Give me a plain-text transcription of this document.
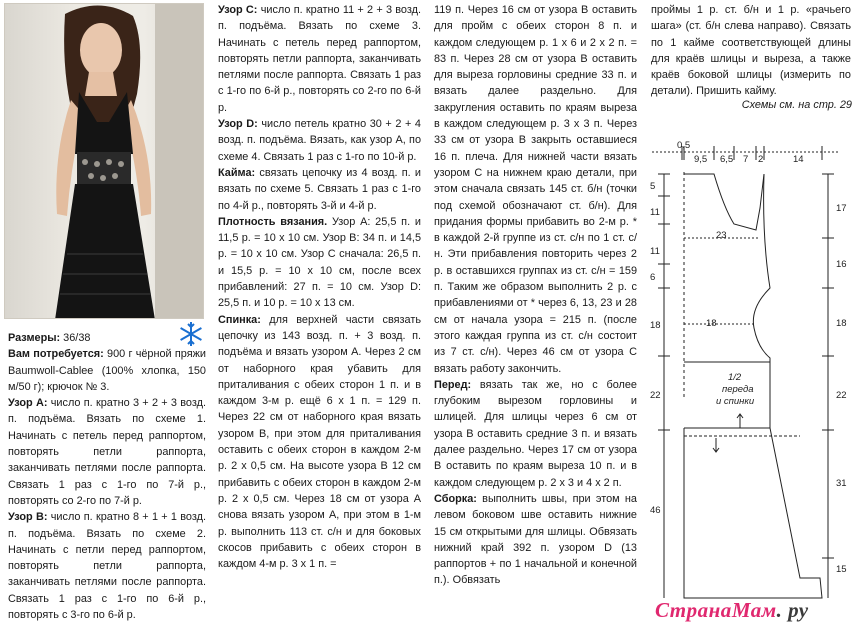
Размеры: 36/38

Вам потребуется: 900 г чёрной пряжи Baumwoll-Cablee (100% хлопка, 150 м/50 г); крючок № 3.

Узор А: число п. кратно 3 + 2 + 3 возд. п. подъёма. Вязать по схеме 1. Начинать с петель перед раппортом, повторять петли раппорта, заканчивать петлями после раппорта. Связать 1 раз с 1-го по 7-й р., повторять со 2-го по 7-й р.

Узор В: число п. кратно 8 + 1 + 1 возд. п. подъёма. Вязать по схеме 2. Начинать с петли перед раппортом, повторять петли раппорта, заканчивать петлями после раппорта. Связать 1 раз с 1-го по 6-й р., повторять с 3-го по 6-й р.

Узор С: число п. кратно 11 + 2 + 3 возд. п. подъёма. Вязать по схеме 3. Начинать с петель перед раппортом, повторять петли раппорта, заканчивать петлями после раппорта. Связать 1 раз с 1-го по 6-й р., повторять со 2-го по 6-й р.

Узор D: число петель кратно 30 + 2 + 4 возд. п. подъёма. Вязать, как узор А, по схеме 4. Связать 1 раз с 1-го по 10-й р.

Кайма: связать цепочку из 4 возд. п. и вязать по схеме 5. Связать 1 раз с 1-го по 4-й р., повторять 3-й и 4-й р.

Плотность вязания. Узор А: 25,5 п. и 11,5 р. = 10 х 10 см. Узор В: 34 п. и 14,5 р. = 10 х 10 см. Узор С сначала: 26,5 п. и 15,5 р. = 10 х 10 см, после всех прибавлений: 27 п. = 10 см. Узор D: 25,5 п. и 10 р. = 10 х 13 см.

Спинка: для верхней части связать цепочку из 143 возд. п. + 3 возд. п. подъёма и вязать узором А. Через 2 см от наборного края убавить для приталивания с обеих сторон 1 п. и в каждом 3-м р. ещё 6 х 1 п. = 129 п. Через 22 см от наборного края вязать узором В, при этом для приталивания оставить с обеих сторон в каждом 2-м р. 2 х 0,5 см. На высоте узора В 12 см прибавить с обеих сторон в каждом 2-м р. 2 х 0,5 см. Через 18 см от узора А снова вязать узором А, при этом в 1-м р. выполнить 113 ст. с/н и для боковых скосов прибавить с обеих сторон в каждом 4-м р. 3 х 1 п. =

119 п. Через 16 см от узора В оставить для пройм с обеих сторон 8 п. и каждом следующем р. 1 х 6 и 2 х 2 п. = 83 п. Через 28 см от узора В оставить для выреза горловины средние 33 п. и вязать далее раздельно. Для закругления оставить по краям выреза в каждом следующем р. 3 х 3 п. Через 33 см от узора В закрыть оставшиеся 16 п. плеча. Для нижней части вязать узором С на нижнем краю детали, при этом сначала связать 145 ст. б/н (точки под схемой обозначают ст. б/н). Для придания формы прибавить во 2-м р. * в каждой 2-й группе из ст. с/н по 1 ст. с/н. Эти прибавления повторить через 2 р. в оставшихся группах из ст. с/н = 159 п. Таким же образом выполнить 2 р. с прибавлениями от * через 6, 13, 23 и 28 см от начала узора = 215 п. (после этого каждая группа из ст. с/н состоит из 7 ст. с/н). Через 46 см от узора С вязать работу закончить.

Перед: вязать так же, но с более глубоким вырезом горловины и шлицей. Для шлицы через 6 см от узора В оставить средние 3 п. и вязать далее раздельно. Через 17 см от узора В оставить по краям выреза 10 п. и в каждом следующем р. 2 х 3 и 4 х 2 п.

Сборка: выполнить швы, при этом на левом боковом шве оставить нижние 15 см открытыми для шлицы. Обвязать нижний край 392 п. узором D (13 раппортов + по 1 начальной и конечной п.). Обвязать

проймы 1 р. ст. б/н и 1 р. «рачьего шага» (ст. б/н слева направо). Связать по 1 кайме соответствующей длины для краёв шлицы и выреза, а также краёв боковой шлицы (измерить по детали). Пришить кайму.

Схемы см. на стр. 29
0,5
9,5 6,5 7 2	14
5
11
11
6
18
22
46
17
16
18
22
31
15
23
18
1/2
переда
и спинки
СтранаМам. ру
